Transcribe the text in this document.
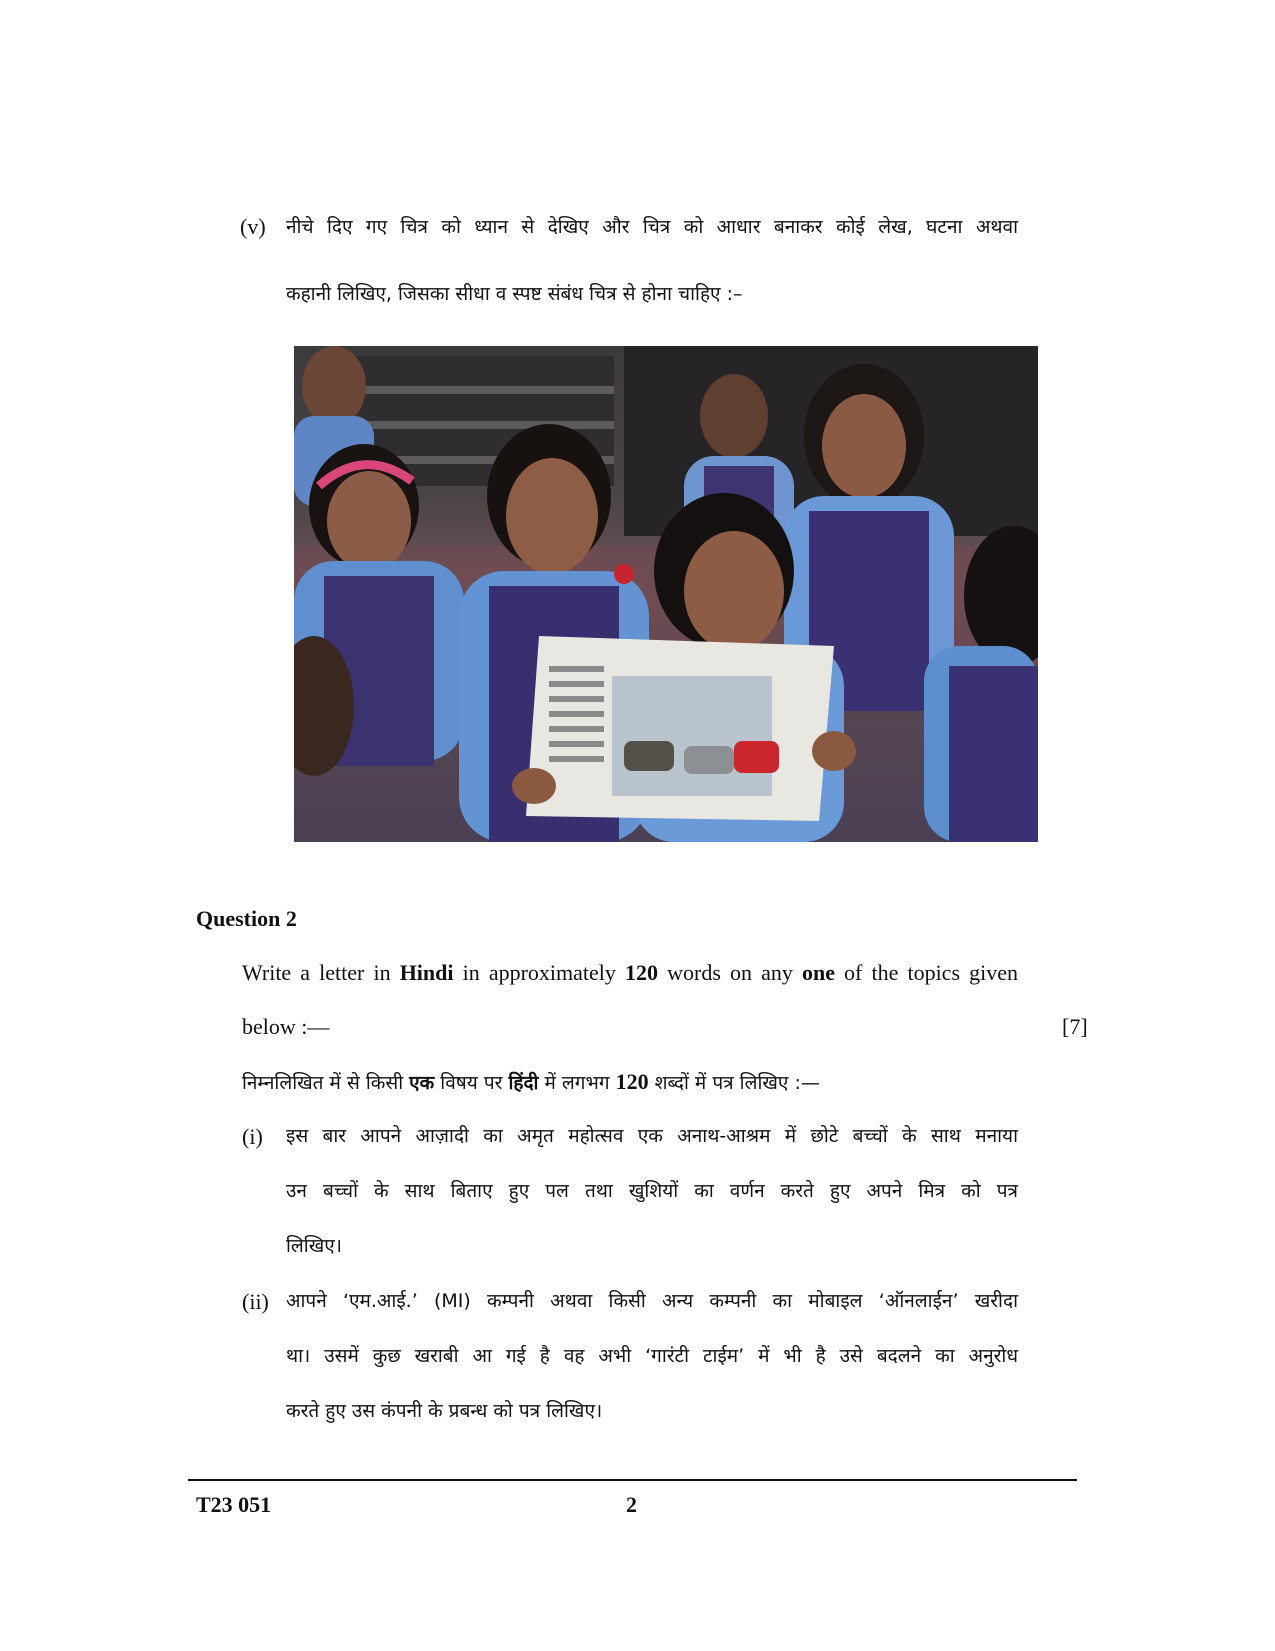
(v) नीचे दिए गए चित्र को ध्यान से देखिए और चित्र को आधार बनाकर कोई लेख, घटना अथवा
कहानी लिखिए, जिसका सीधा व स्पष्ट संबंध चित्र से होना चाहिए :–
Question 2
Write a letter in Hindi in approximately 120 words on any one of the topics given
below :—	[7]
निम्नलिखित में से किसी एक विषय पर हिंदी में लगभग 120 शब्दों में पत्र लिखिए :—
(i) इस बार आपने आज़ादी का अमृत महोत्सव एक अनाथ-आश्रम में छोटे बच्चों के साथ मनाया
उन बच्चों के साथ बिताए हुए पल तथा खुशियों का वर्णन करते हुए अपने मित्र को पत्र
लिखिए।
(ii) आपने ‘एम.आई.’ (MI) कम्पनी अथवा किसी अन्य कम्पनी का मोबाइल ‘ऑनलाईन’ खरीदा
था। उसमें कुछ खराबी आ गई है वह अभी ‘गारंटी टाईम’ में भी है उसे बदलने का अनुरोध
करते हुए उस कंपनी के प्रबन्ध को पत्र लिखिए।
T23 051	2
